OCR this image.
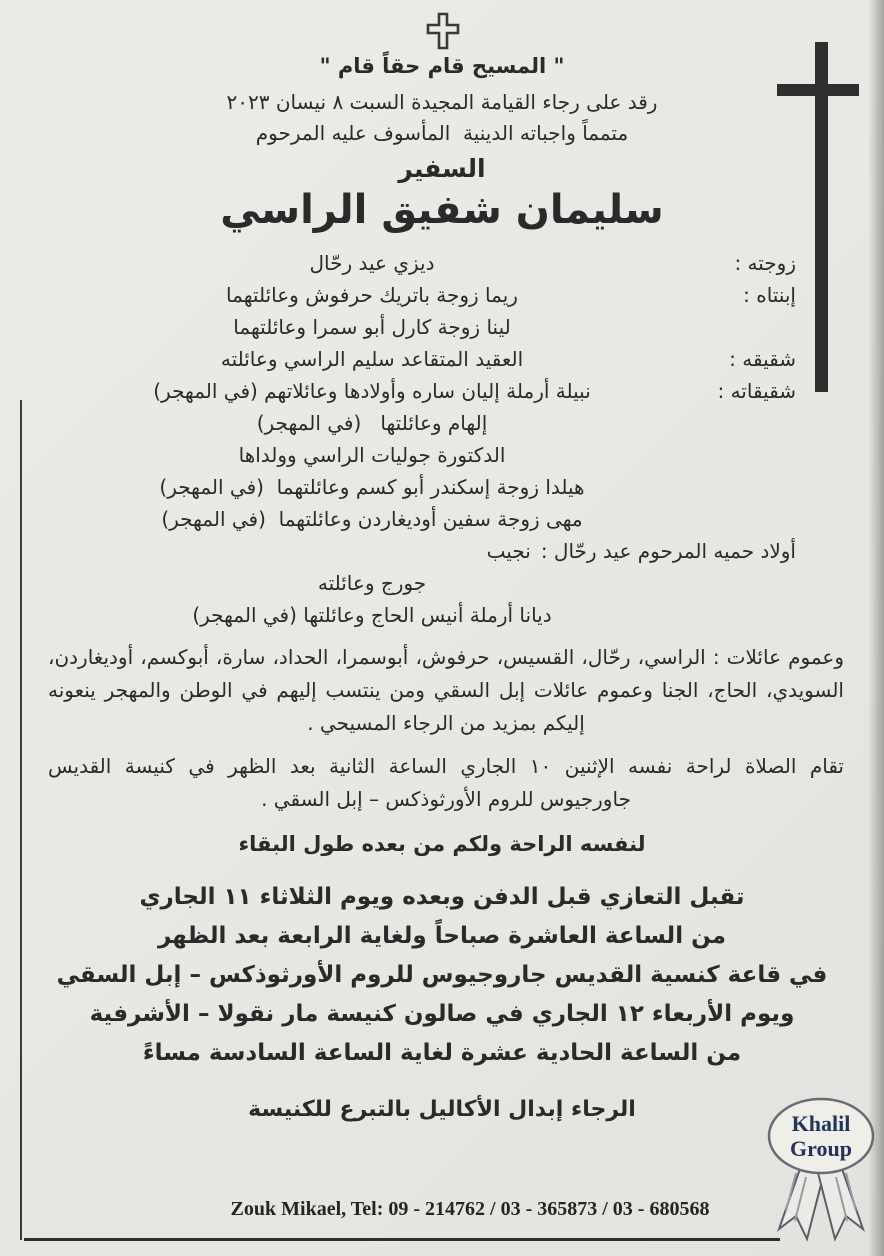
" المسيح قام حقاً قام "
رقد على رجاء القيامة المجيدة السبت ٨ نيسان ٢٠٢٣
متمماً واجباته الدينية  المأسوف عليه المرحوم
السفير
سليمان شفيق الراسي
زوجته :
ديزي عيد رحّال
إبنتاه :
ريما زوجة باتريك حرفوش وعائلتهما
لينا زوجة كارل أبو سمرا وعائلتهما
شقيقه :
العقيد المتقاعد سليم الراسي وعائلته
شقيقاته :
نبيلة أرملة إليان ساره وأولادها وعائلاتهم (في المهجر)
إلهام وعائلتها   (في المهجر)
الدكتورة جوليات الراسي وولداها
هيلدا زوجة إسكندر أبو كسم وعائلتهما  (في المهجر)
مهى زوجة سفين أوديغاردن وعائلتهما  (في المهجر)
أولاد حميه المرحوم عيد رحّال :
نجيب
جورج وعائلته
ديانا أرملة أنيس الحاج وعائلتها (في المهجر)

وعموم عائلات : الراسي، رحّال، القسيس، حرفوش، أبوسمرا، الحداد، سارة، أبوكسم، أوديغاردن، السويدي، الحاج، الجنا وعموم عائلات إبل السقي ومن ينتسب إليهم في الوطن والمهجر ينعونه إليكم بمزيد من الرجاء المسيحي .

تقام الصلاة لراحة نفسه الإثنين ١٠ الجاري الساعة الثانية بعد الظهر في كنيسة القديس جاورجيوس للروم الأورثوذكس – إبل السقي .

لنفسه الراحة ولكم من بعده طول البقاء
تقبل التعازي قبل الدفن وبعده ويوم الثلاثاء ١١ الجاري
من الساعة العاشرة صباحاً ولغاية الرابعة بعد الظهر
في قاعة كنسية القديس جاروجيوس للروم الأورثوذكس – إبل السقي
ويوم الأربعاء ١٢ الجاري في صالون كنيسة مار نقولا – الأشرفية
من الساعة الحادية عشرة لغاية الساعة السادسة مساءً
الرجاء إبدال الأكاليل بالتبرع للكنيسة
Zouk Mikael, Tel: 09 - 214762 / 03 - 365873 / 03 - 680568
Khalil
Group
